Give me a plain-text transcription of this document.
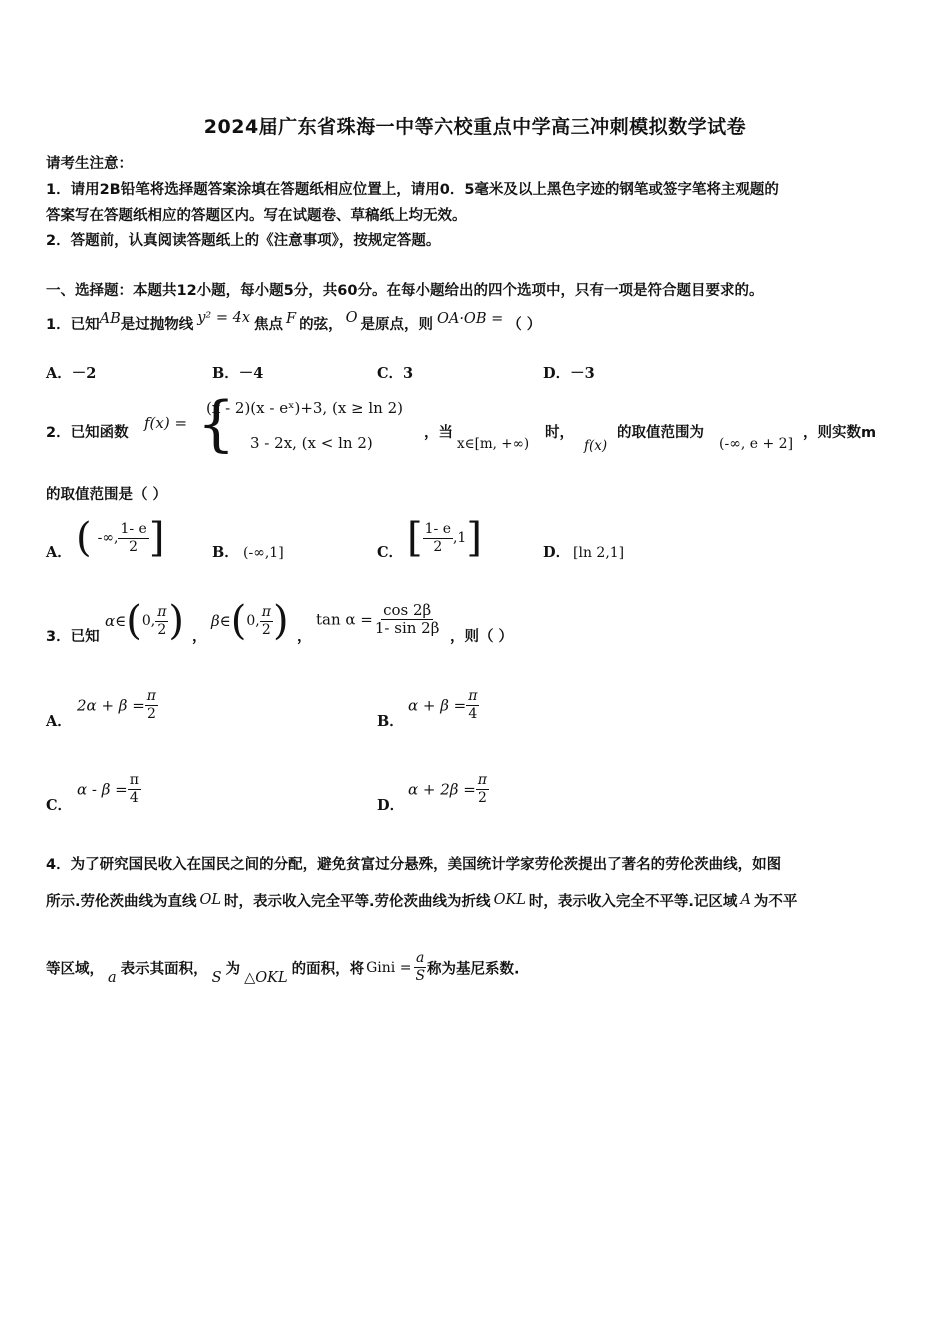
2024届广东省珠海一中等六校重点中学高三冲刺模拟数学试卷
请考生注意：
1．请用2B铅笔将选择题答案涂填在答题纸相应位置上，请用0．5毫米及以上黑色字迹的钢笔或签字笔将主观题的
答案写在答题纸相应的答题区内。写在试题卷、草稿纸上均无效。
2．答题前，认真阅读答题纸上的《注意事项》，按规定答题。
一、选择题：本题共12小题，每小题5分，共60分。在每小题给出的四个选项中，只有一项是符合题目要求的。
1．已知AB是过抛物线 y² = 4x 焦点 F 的弦， O 是原点，则 OA·OB = （ ）
A．－2	B．－4	C．3	D．－3
2．已知函数
f(x) = {
(x - 2)(x - eˣ)+3, (x ≥ ln 2)
3 - 2x, (x < ln 2)
，当
x∈[m, +∞)
时，
f(x)
的取值范围为
(-∞, e + 2]
，则实数m
的取值范围是（ ）
A． ( -∞, $\frac{1- e}{2}$ ]	B． (-∞,1]	C． [ $\frac{1- e}{2} ,1$]	D． [ln 2,1]
3．已知
α∈(0, $\frac{\pi}{2}$ ) ，
β∈(0, $\frac{\pi}{2}$ ) ，
$\tan \alpha = \frac{\cos 2\beta}{1- \sin 2\beta}$ ，则（ ）
A．
$2\alpha + \beta = \frac{\pi}{2}$	B．
$\alpha + \beta = \frac{\pi}{4}$
C．
$\alpha - \beta = \frac{\pi}{4}$	D．
$\alpha + 2\beta = \frac{\pi}{2}$
4．为了研究国民收入在国民之间的分配，避免贫富过分悬殊，美国统计学家劳伦茨提出了著名的劳伦茨曲线，如图
所示.劳伦茨曲线为直线 OL 时，表示收入完全平等.劳伦茨曲线为折线 OKL 时，表示收入完全不平等.记区域 A 为不平
等区域， a 表示其面积， S 为 △OKL 的面积，将 Gini = $\frac{a}{S}$ 称为基尼系数.
